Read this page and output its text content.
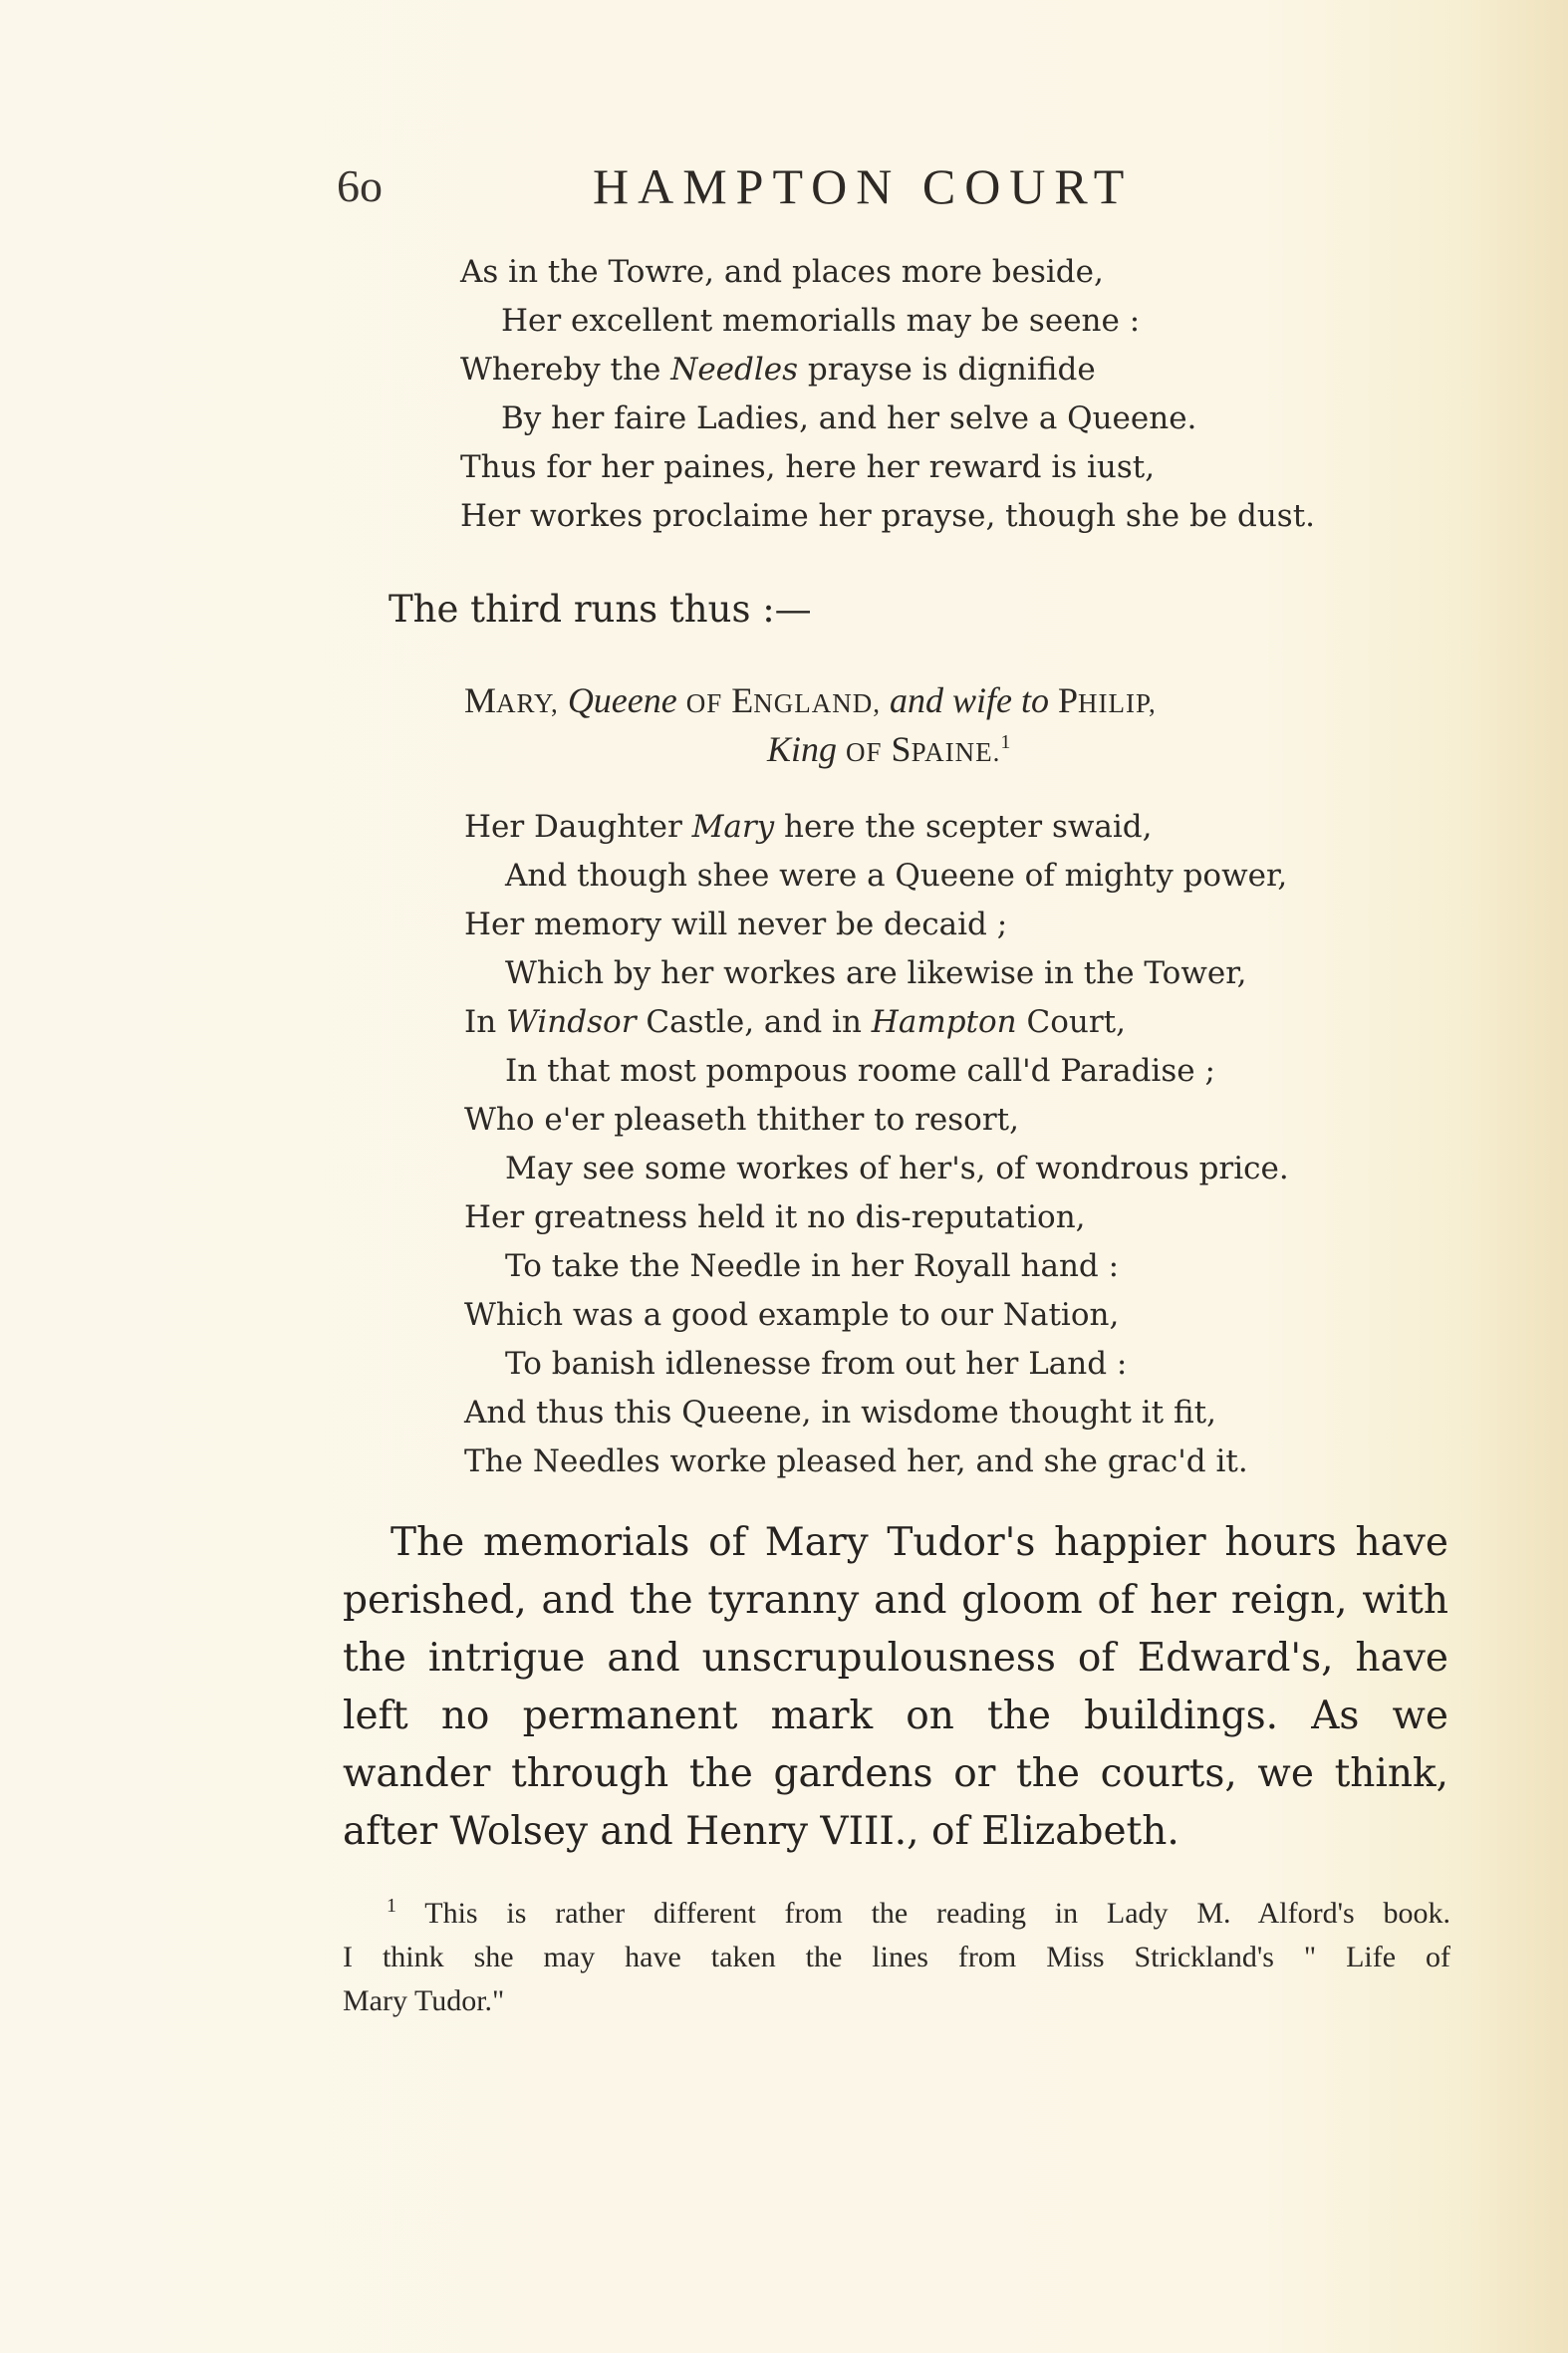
6o	HAMPTON COURT
As in the Towre, and places more beside,
Her excellent memorialls may be seene :
Whereby the Needles prayse is dignifide
By her faire Ladies, and her selve a Queene.
Thus for her paines, here her reward is iust,
Her workes proclaime her prayse, though she be dust.
The third runs thus :—
MARY, Queene OF ENGLAND, and wife to PHILIP,
King OF SPAINE.$^1$
Her Daughter Mary here the scepter swaid,
And though shee were a Queene of mighty power,
Her memory will never be decaid ;
Which by her workes are likewise in the Tower,
In Windsor Castle, and in Hampton Court,
In that most pompous roome call'd Paradise ;
Who e'er pleaseth thither to resort,
May see some workes of her's, of wondrous price.
Her greatness held it no dis-reputation,
To take the Needle in her Royall hand :
Which was a good example to our Nation,
To banish idlenesse from out her Land :
And thus this Queene, in wisdome thought it fit,
The Needles worke pleased her, and she grac'd it.
The memorials of Mary Tudor's happier hours have
perished, and the tyranny and gloom of her reign, with
the intrigue and unscrupulousness of Edward's, have
left no permanent mark on the buildings. As we
wander through the gardens or the courts, we think,
after Wolsey and Henry VIII., of Elizabeth.
$^1$ This is rather different from the reading in Lady M. Alford's book.
I think she may have taken the lines from Miss Strickland's " Life of
Mary Tudor."
